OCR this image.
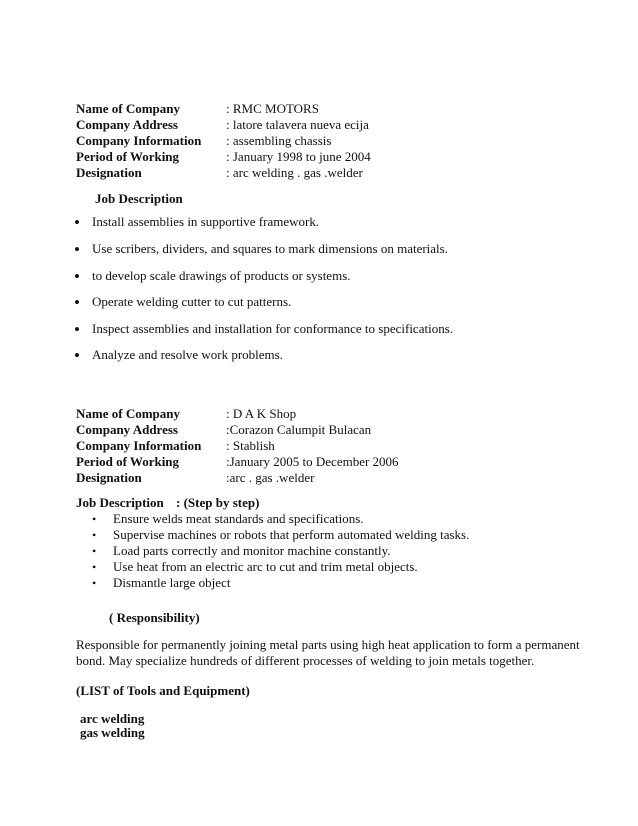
Name of Company	: RMC MOTORS
Company Address	: latore talavera nueva ecija
Company Information : assembling chassis
Period of Working	: January 1998 to june 2004
Designation	: arc welding . gas .welder
Job Description
• Install assemblies in supportive framework.
• Use scribers, dividers, and squares to mark dimensions on materials.
• to develop scale drawings of products or systems.
• Operate welding cutter to cut patterns.
• Inspect assemblies and installation for conformance to specifications.
• Analyze and resolve work problems.
Name of Company	: D A K Shop
Company Address	:Corazon Calumpit Bulacan
Company Information : Stablish
Period of Working	:January 2005 to December 2006
Designation	:arc . gas .welder
Job Description : (Step by step)
• Ensure welds meat standards and specifications.
• Supervise machines or robots that perform automated welding tasks.
• Load parts correctly and monitor machine constantly.
• Use heat from an electric arc to cut and trim metal objects.
• Dismantle large object
( Responsibility)
Responsible for permanently joining metal parts using high heat application to form a permanent
bond. May specialize hundreds of different processes of welding to join metals together.
(LIST of Tools and Equipment)
arc welding
gas welding
